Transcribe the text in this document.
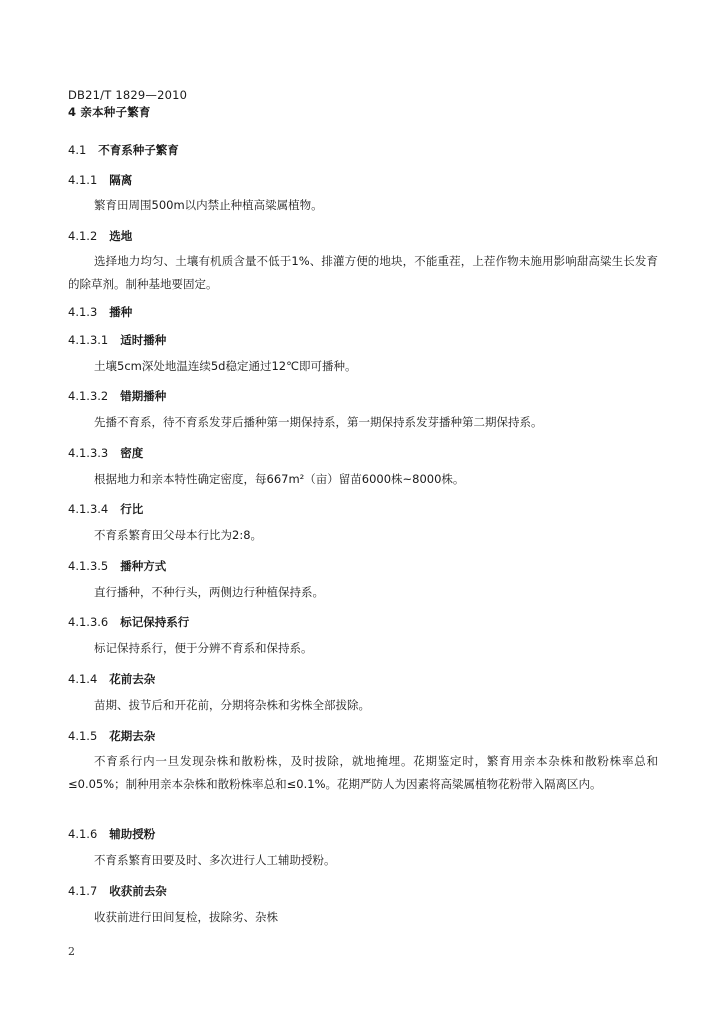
DB21/T 1829—2010
4 亲本种子繁育
4.1 不育系种子繁育
4.1.1 隔离
繁育田周围500m以内禁止种植高粱属植物。
4.1.2 选地
选择地力均匀、土壤有机质含量不低于1%、排灌方便的地块，不能重茬，上茬作物未施用影响甜高粱生长发育的除草剂。制种基地要固定。
4.1.3 播种
4.1.3.1 适时播种
土壤5cm深处地温连续5d稳定通过12℃即可播种。
4.1.3.2 错期播种
先播不育系，待不育系发芽后播种第一期保持系，第一期保持系发芽播种第二期保持系。
4.1.3.3 密度
根据地力和亲本特性确定密度，每667m²（亩）留苗6000株~8000株。
4.1.3.4 行比
不育系繁育田父母本行比为2:8。
4.1.3.5 播种方式
直行播种，不种行头，两侧边行种植保持系。
4.1.3.6 标记保持系行
标记保持系行，便于分辨不育系和保持系。
4.1.4 花前去杂
苗期、拔节后和开花前，分期将杂株和劣株全部拔除。
4.1.5 花期去杂
不育系行内一旦发现杂株和散粉株，及时拔除，就地掩埋。花期鉴定时，繁育用亲本杂株和散粉株率总和≤0.05%；制种用亲本杂株和散粉株率总和≤0.1%。花期严防人为因素将高粱属植物花粉带入隔离区内。
4.1.6 辅助授粉
不育系繁育田要及时、多次进行人工辅助授粉。
4.1.7 收获前去杂
收获前进行田间复检，拔除劣、杂株
2
